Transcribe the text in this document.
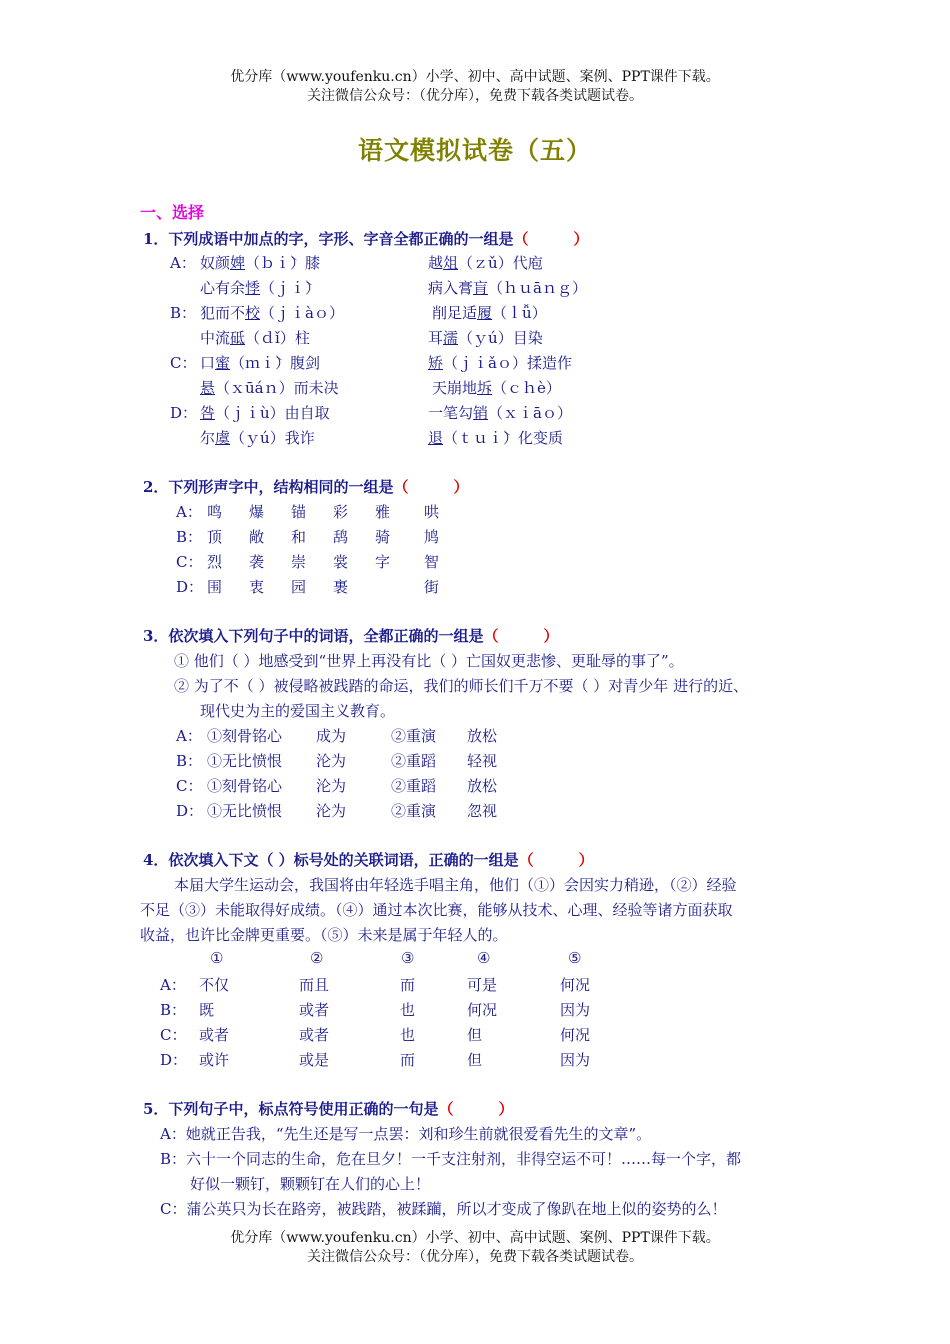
优分库（www.youfenku.cn）小学、初中、高中试题、案例、PPT课件下载。
关注微信公众号：（优分库），免费下载各类试题试卷。
语文模拟试卷（五）
一、选择
1．下列成语中加点的字，字形、字音全都正确的一组是（　　　）
A： 奴颜婢（ｂｉ̀）膝	越俎（ｚǔ）代庖
心有余悸（ｊｉ̀）	病入膏肓（ｈｕāｎｇ）
B： 犯而不校（ｊｉàｏ）	削足适履（ｌǚ）
中流砥（ｄǐ）柱	耳濡（ｙú）目染
C： 口蜜（ｍｉ̀）腹剑	矫（ｊｉǎｏ）揉造作
悬（ｘūáｎ）而未决	天崩地坼（ｃｈè）
D： 咎（ｊｉù）由自取	一笔勾销（ｘｉāｏ）
尔虞（ｙú）我诈	退（ｔｕｉ̀）化变质
2．下列形声字中，结构相同的一组是（　　　）
A： 鸣 爆 锚 彩 雅 哄
B： 顶 敞 和 鸹 骑 鸠
C： 烈 袭 崇 裳 字 智
D： 围 衷 园 裹	街
3．依次填入下列句子中的词语，全都正确的一组是（　　　）
① 他们（ ）地感受到“世界上再没有比（ ）亡国奴更悲惨、更耻辱的事了”。
② 为了不（ ）被侵略被践踏的命运，我们的师长们千万不要（ ）对青少年 进行的近、
现代史为主的爱国主义教育。
A： ①刻骨铭心 成为	②重演 放松
B： ①无比愤恨 沦为	②重蹈 轻视
C： ①刻骨铭心 沦为	②重蹈 放松
D： ①无比愤恨 沦为	②重演 忽视
4．依次填入下文（ ）标号处的关联词语，正确的一组是（　　　）
本届大学生运动会，我国将由年轻选手唱主角，他们（①）会因实力稍逊，（②）经验
不足（③）未能取得好成绩。（④）通过本次比赛，能够从技术、心理、经验等诸方面获取
收益，也许比金牌更重要。（⑤）未来是属于年轻人的。
①	②	③	④	⑤
A： 不仅	而且	而	可是	何况
B： 既	或者	也	何况	因为
C： 或者	或者	也	但	何况
D： 或许	或是	而	但	因为
5．下列句子中，标点符号使用正确的一句是（　　　）
A：她就正告我，“先生还是写一点罢：刘和珍生前就很爱看先生的文章”。
B：六十一个同志的生命，危在旦夕！一千支注射剂，非得空运不可！……每一个字，都
好似一颗钉，颗颗钉在人们的心上！
C：蒲公英只为长在路旁，被践踏，被蹂躏，所以才变成了像趴在地上似的姿势的么！
优分库（www.youfenku.cn）小学、初中、高中试题、案例、PPT课件下载。
关注微信公众号：（优分库），免费下载各类试题试卷。
